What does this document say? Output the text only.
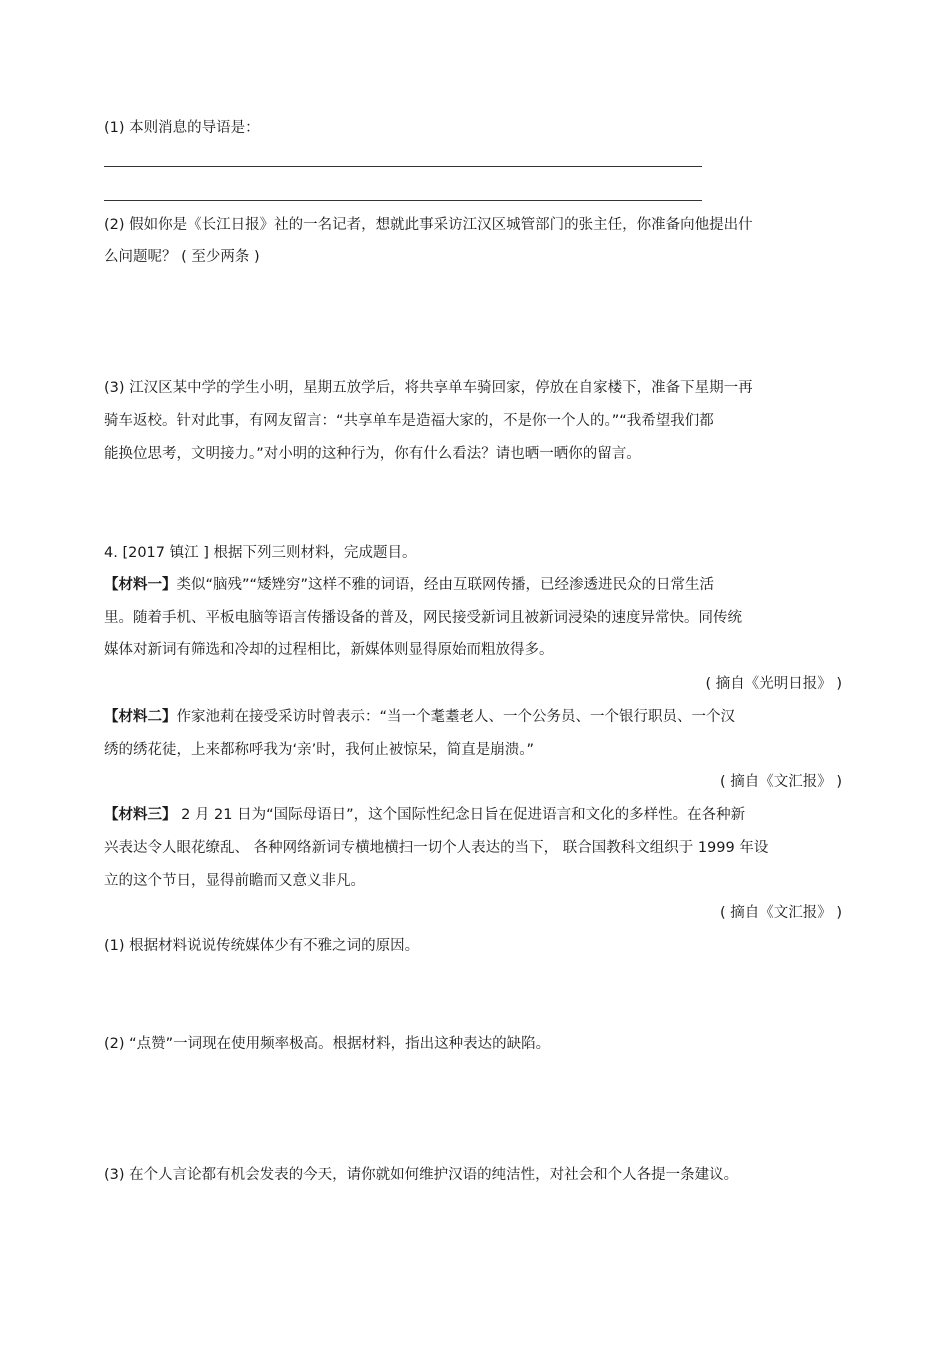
(1) 本则消息的导语是：
(2) 假如你是《长江日报》社的一名记者，想就此事采访江汉区城管部门的张主任，你准备向他提出什
么问题呢？ ( 至少两条 )
(3) 江汉区某中学的学生小明，星期五放学后，将共享单车骑回家，停放在自家楼下，准备下星期一再
骑车返校。针对此事，有网友留言：“共享单车是造福大家的，不是你一个人的。”“我希望我们都
能换位思考，文明接力。”对小明的这种行为，你有什么看法？请也晒一晒你的留言。
4. [2017 镇江 ] 根据下列三则材料，完成题目。
【材料一】类似“脑残”“矮矬穷”这样不雅的词语，经由互联网传播，已经渗透进民众的日常生活
里。随着手机、平板电脑等语言传播设备的普及，网民接受新词且被新词浸染的速度异常快。同传统
媒体对新词有筛选和冷却的过程相比，新媒体则显得原始而粗放得多。
( 摘自《光明日报》 )
【材料二】作家池莉在接受采访时曾表示：“当一个耄耋老人、一个公务员、一个银行职员、一个汉
绣的绣花徒，上来都称呼我为‘亲’时，我何止被惊呆，简直是崩溃。”
( 摘自《文汇报》 )
【材料三】 2 月 21 日为“国际母语日”，这个国际性纪念日旨在促进语言和文化的多样性。在各种新
兴表达令人眼花缭乱、 各种网络新词专横地横扫一切个人表达的当下， 联合国教科文组织于 1999 年设
立的这个节日，显得前瞻而又意义非凡。
( 摘自《文汇报》 )
(1) 根据材料说说传统媒体少有不雅之词的原因。
(2) “点赞”一词现在使用频率极高。根据材料，指出这种表达的缺陷。
(3) 在个人言论都有机会发表的今天，请你就如何维护汉语的纯洁性，对社会和个人各提一条建议。
